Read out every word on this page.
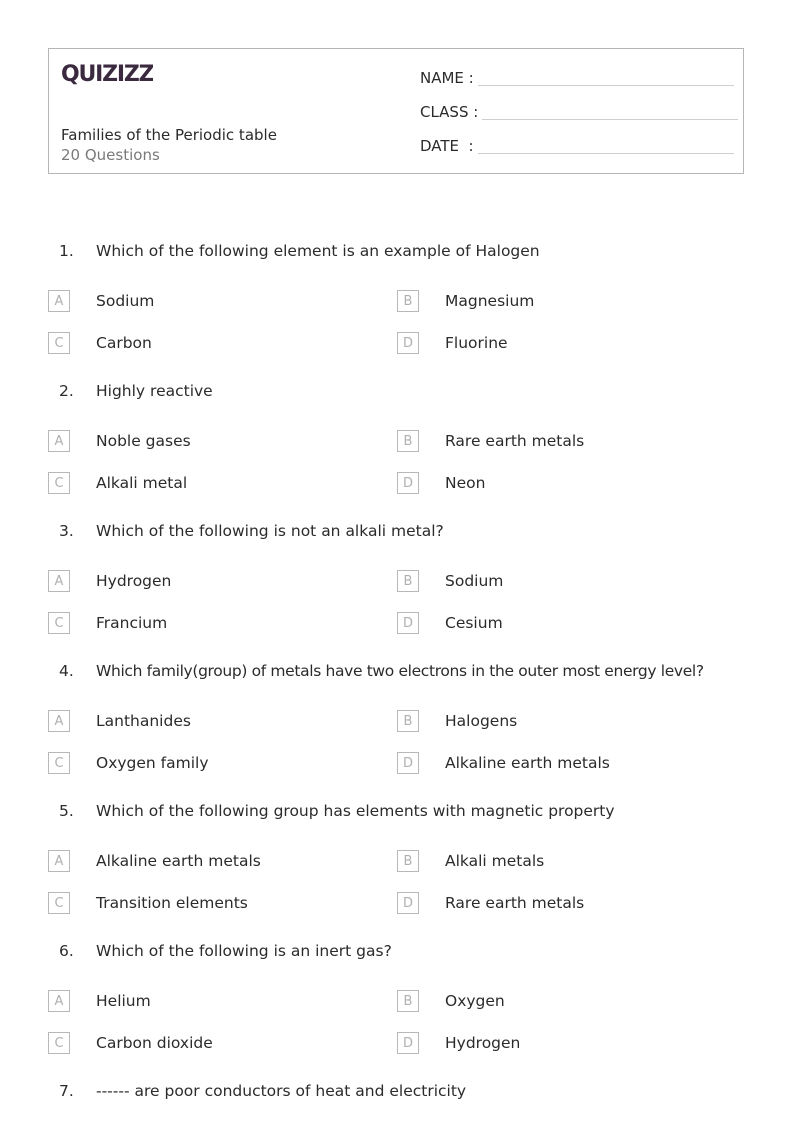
QUIZIZZ
Families of the Periodic table
20 Questions
NAME :
CLASS :
DATE  :
1. Which of the following element is an example of Halogen
A	Sodium	B	Magnesium
C	Carbon	D	Fluorine
2. Highly reactive
A	Noble gases	B	Rare earth metals
C	Alkali metal	D	Neon
3. Which of the following is not an alkali metal?
A	Hydrogen	B	Sodium
C	Francium	D	Cesium
4. Which family(group) of metals have two electrons in the outer most energy level?
A	Lanthanides	B	Halogens
C	Oxygen family	D	Alkaline earth metals
5. Which of the following group has elements with magnetic property
A	Alkaline earth metals	B	Alkali metals
C	Transition elements	D	Rare earth metals
6. Which of the following is an inert gas?
A	Helium	B	Oxygen
C	Carbon dioxide	D	Hydrogen
7. ------ are poor conductors of heat and electricity
